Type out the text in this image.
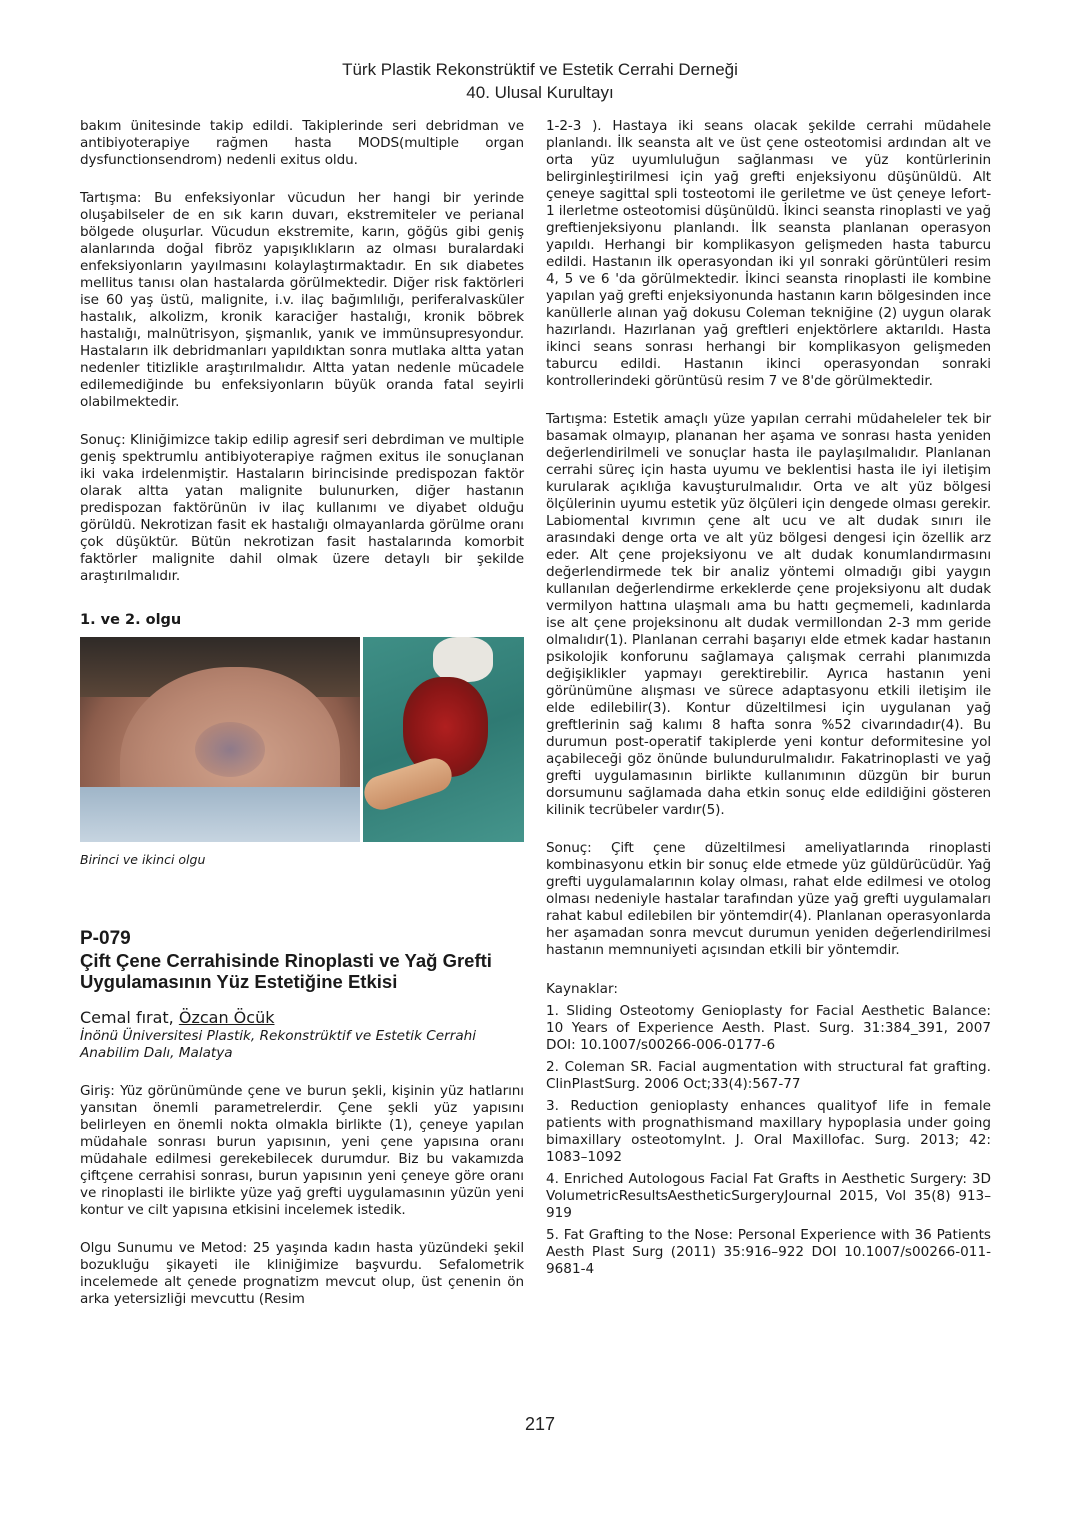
Türk Plastik Rekonstrüktif ve Estetik Cerrahi Derneği
40. Ulusal Kurultayı

bakım ünitesinde takip edildi. Takiplerinde seri debridman ve antibiyoterapiye rağmen hasta MODS(multiple organ dysfunctionsendrom) nedenli exitus oldu.

Tartışma: Bu enfeksiyonlar vücudun her hangi bir yerinde oluşabilseler de en sık karın duvarı, ekstremiteler ve perianal bölgede oluşurlar. Vücudun ekstremite, karın, göğüs gibi geniş alanlarında doğal fibröz yapışıklıkların az olması buralardaki enfeksiyonların yayılmasını kolaylaştırmaktadır. En sık diabetes mellitus tanısı olan hastalarda görülmektedir. Diğer risk faktörleri ise 60 yaş üstü, malignite, i.v. ilaç bağımlılığı, periferalvasküler hastalık, alkolizm, kronik karaciğer hastalığı, kronik böbrek hastalığı, malnütrisyon, şişmanlık, yanık ve immünsupresyondur. Hastaların ilk debridmanları yapıldıktan sonra mutlaka altta yatan nedenler titizlikle araştırılmalıdır. Altta yatan nedenle mücadele edilemediğinde bu enfeksiyonların büyük oranda fatal seyirli olabilmektedir.

Sonuç: Kliniğimizce takip edilip agresif seri debrdiman ve multiple geniş spektrumlu antibiyoterapiye rağmen exitus ile sonuçlanan iki vaka irdelenmiştir. Hastaların birincisinde predispozan faktör olarak altta yatan malignite bulunurken, diğer hastanın predispozan faktörünün iv ilaç kullanımı ve diyabet olduğu görüldü. Nekrotizan fasit ek hastalığı olmayanlarda görülme oranı çok düşüktür. Bütün nekrotizan fasit hastalarında komorbit faktörler malignite dahil olmak üzere detaylı bir şekilde araştırılmalıdır.

1. ve 2. olgu

Birinci ve ikinci olgu

P-079

Çift Çene Cerrahisinde Rinoplasti ve Yağ Grefti Uygulamasının Yüz Estetiğine Etkisi

Cemal fırat, Özcan Öcük

İnönü Üniversitesi Plastik, Rekonstrüktif ve Estetik Cerrahi Anabilim Dalı, Malatya

Giriş: Yüz görünümünde çene ve burun şekli, kişinin yüz hatlarını yansıtan önemli parametrelerdir. Çene şekli yüz yapısını belirleyen en önemli nokta olmakla birlikte (1), çeneye yapılan müdahale sonrası burun yapısının, yeni çene yapısına oranı müdahale edilmesi gerekebilecek durumdur. Biz bu vakamızda çiftçene cerrahisi sonrası, burun yapısının yeni çeneye göre oranı ve rinoplasti ile birlikte yüze yağ grefti uygulamasının yüzün yeni kontur ve cilt yapısına etkisini incelemek istedik.

Olgu Sunumu ve Metod: 25 yaşında kadın hasta yüzündeki şekil bozukluğu şikayeti ile kliniğimize başvurdu. Sefalometrik incelemede alt çenede prognatizm mevcut olup, üst çenenin ön arka yetersizliği mevcuttu (Resim

1-2-3 ). Hastaya iki seans olacak şekilde cerrahi müdahele planlandı. İlk seansta alt ve üst çene osteotomisi ardından alt ve orta yüz uyumluluğun sağlanması ve yüz kontürlerinin belirginleştirilmesi için yağ grefti enjeksiyonu düşünüldü. Alt çeneye sagittal spli tosteotomi ile geriletme ve üst çeneye lefort-1 ilerletme osteotomisi düşünüldü. İkinci seansta rinoplasti ve yağ greftienjeksiyonu planlandı. İlk seansta planlanan operasyon yapıldı. Herhangi bir komplikasyon gelişmeden hasta taburcu edildi. Hastanın ilk operasyondan iki yıl sonraki görüntüleri resim 4, 5 ve 6 'da görülmektedir. İkinci seansta rinoplasti ile kombine yapılan yağ grefti enjeksiyonunda hastanın karın bölgesinden ince kanüllerle alınan yağ dokusu Coleman tekniğine (2) uygun olarak hazırlandı. Hazırlanan yağ greftleri enjektörlere aktarıldı. Hasta ikinci seans sonrası herhangi bir komplikasyon gelişmeden taburcu edildi. Hastanın ikinci operasyondan sonraki kontrollerindeki görüntüsü resim 7 ve 8'de görülmektedir.

Tartışma: Estetik amaçlı yüze yapılan cerrahi müdaheleler tek bir basamak olmayıp, plananan her aşama ve sonrası hasta yeniden değerlendirilmeli ve sonuçlar hasta ile paylaşılmalıdır. Planlanan cerrahi süreç için hasta uyumu ve beklentisi hasta ile iyi iletişim kurularak açıklığa kavuşturulmalıdır. Orta ve alt yüz bölgesi ölçülerinin uyumu estetik yüz ölçüleri için dengede olması gerekir. Labiomental kıvrımın çene alt ucu ve alt dudak sınırı ile arasındaki denge orta ve alt yüz bölgesi dengesi için özellik arz eder. Alt çene projeksiyonu ve alt dudak konumlandırmasını değerlendirmede tek bir analiz yöntemi olmadığı gibi yaygın kullanılan değerlendirme erkeklerde çene projeksiyonu alt dudak vermilyon hattına ulaşmalı ama bu hattı geçmemeli, kadınlarda ise alt çene projeksinonu alt dudak vermillondan 2-3 mm geride olmalıdır(1). Planlanan cerrahi başarıyı elde etmek kadar hastanın psikolojik konforunu sağlamaya çalışmak cerrahi planımızda değişiklikler yapmayı gerektirebilir. Ayrıca hastanın yeni görünümüne alışması ve sürece adaptasyonu etkili iletişim ile elde edilebilir(3). Kontur düzeltilmesi için uygulanan yağ greftlerinin sağ kalımı 8 hafta sonra %52 civarındadır(4). Bu durumun post-operatif takiplerde yeni kontur deformitesine yol açabileceği göz önünde bulundurulmalıdır. Fakatrinoplasti ve yağ grefti uygulamasının birlikte kullanımının düzgün bir burun dorsumunu sağlamada daha etkin sonuç elde edildiğini gösteren kilinik tecrübeler vardır(5).

Sonuç: Çift çene düzeltilmesi ameliyatlarında rinoplasti kombinasyonu etkin bir sonuç elde etmede yüz güldürücüdür. Yağ grefti uygulamalarının kolay olması, rahat elde edilmesi ve otolog olması nedeniyle hastalar tarafından yüze yağ grefti uygulamaları rahat kabul edilebilen bir yöntemdir(4). Planlanan operasyonlarda her aşamadan sonra mevcut durumun yeniden değerlendirilmesi hastanın memnuniyeti açısından etkili bir yöntemdir.

Kaynaklar:

1. Sliding Osteotomy Genioplasty for Facial Aesthetic Balance: 10 Years of Experience Aesth. Plast. Surg. 31:384_391, 2007 DOI: 10.1007/s00266-006-0177-6

2. Coleman SR. Facial augmentation with structural fat grafting. ClinPlastSurg. 2006 Oct;33(4):567-77

3. Reduction genioplasty enhances qualityof life in female patients with prognathismand maxillary hypoplasia under going bimaxillary osteotomyInt. J. Oral Maxillofac. Surg. 2013; 42: 1083–1092

4. Enriched Autologous Facial Fat Grafts in Aesthetic Surgery: 3D VolumetricResultsAestheticSurgeryJournal 2015, Vol 35(8) 913–919

5. Fat Grafting to the Nose: Personal Experience with 36 Patients Aesth Plast Surg (2011) 35:916–922 DOI 10.1007/s00266-011-9681-4

217
